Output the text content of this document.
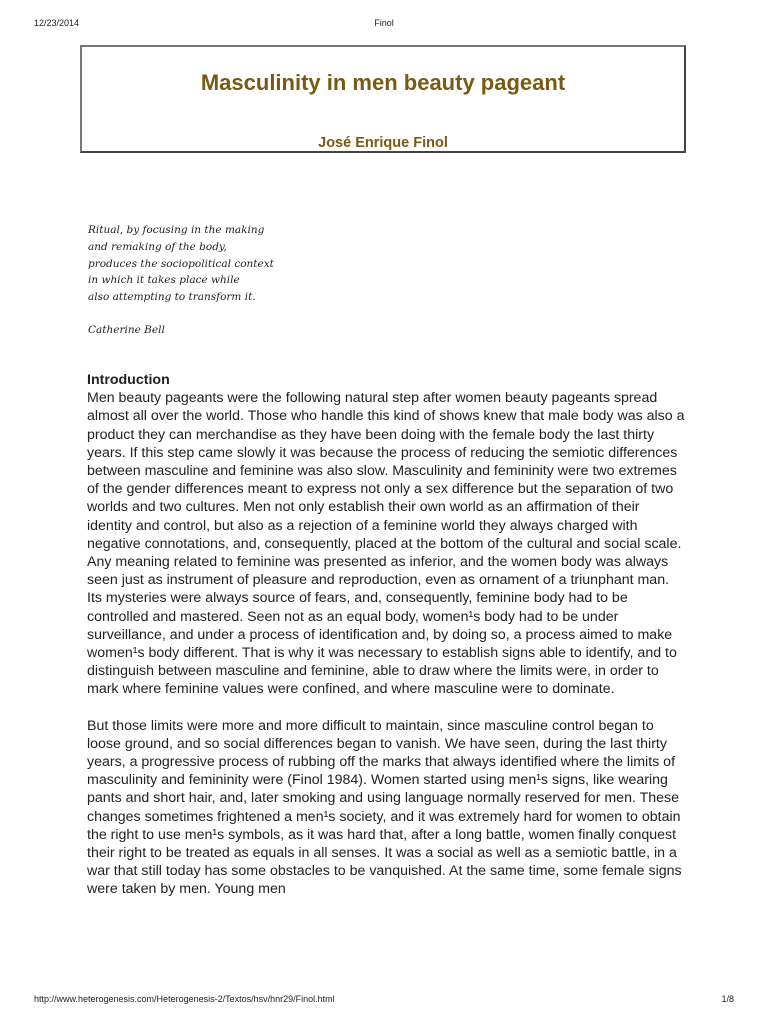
12/23/2014	Finol
Masculinity in men beauty pageant
José Enrique Finol
Ritual, by focusing in the making
and remaking of the body,
produces the sociopolitical context
in which it takes place while
also attempting to transform it.
Catherine Bell
Introduction

Men beauty pageants were the following natural step after women beauty pageants spread almost all over the world. Those who handle this kind of shows knew that male body was also a product they can merchandise as they have been doing with the female body the last thirty years. If this step came slowly it was because the process of reducing the semiotic differences between masculine and feminine was also slow. Masculinity and femininity were two extremes of the gender differences meant to express not only a sex difference but the separation of two worlds and two cultures. Men not only establish their own world as an affirmation of their identity and control, but also as a rejection of a feminine world they always charged with negative connotations, and, consequently, placed at the bottom of the cultural and social scale. Any meaning related to feminine was presented as inferior, and the women body was always seen just as instrument of pleasure and reproduction, even as ornament of a triunphant man. Its mysteries were always source of fears, and, consequently, feminine body had to be controlled and mastered. Seen not as an equal body, women¹s body had to be under surveillance, and under a process of identification and, by doing so, a process aimed to make women¹s body different. That is why it was necessary to establish signs able to identify, and to distinguish between masculine and feminine, able to draw where the limits were, in order to mark where feminine values were confined, and where masculine were to dominate.

But those limits were more and more difficult to maintain, since masculine control began to loose ground, and so social differences began to vanish. We have seen, during the last thirty years, a progressive process of rubbing off the marks that always identified where the limits of masculinity and femininity were (Finol 1984). Women started using men¹s signs, like wearing pants and short hair, and, later smoking and using language normally reserved for men. These changes sometimes frightened a men¹s society, and it was extremely hard for women to obtain the right to use men¹s symbols, as it was hard that, after a long battle, women finally conquest their right to be treated as equals in all senses. It was a social as well as a semiotic battle, in a war that still today has some obstacles to be vanquished. At the same time, some female signs were taken by men. Young men

http://www.heterogenesis.com/Heterogenesis-2/Textos/hsv/hnr29/Finol.html	1/8
